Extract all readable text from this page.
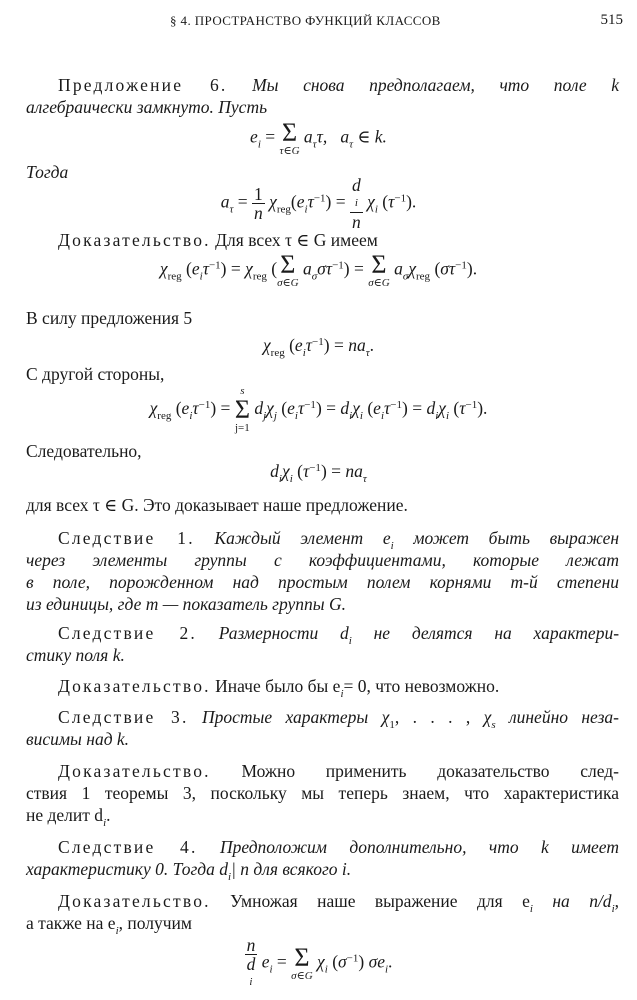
§ 4. ПРОСТРАНСТВО ФУНКЦИЙ КЛАССОВ	515
Предложение 6. Мы снова предполагаем, что поле k
алгебраически замкнуто. Пусть
$e_i = \Sigma$
τ∈G
$a_\tau\tau$,   $a_\tau$ ∈ k.
Тогда
$a_\tau = \frac{1}{n} \chi_{reg}(e_i\tau^{-1}) = d$
i
n $\chi_i$ $(\tau^{-1})$.
Доказательство. Для всех τ ∈ G имеем
$\chi_{reg}$ $(e_i\tau^{-1}) = \chi_{reg}$ ( Σ
σ∈G
$a_\sigma\sigma\tau^{-1}) = \Sigma$
σ∈G
$a_\sigma\chi_{reg}$ $(\sigma\tau^{-1})$.
В силу предложения 5
$\chi_{reg}$ $(e_i\tau^{-1}) = na_\tau$.
С другой стороны,
$\chi_{reg}$ $(e_i\tau^{-1})$ =
s
Σ
j=1
$d_j\chi_j$ $(e_i\tau^{-1}) = d_i\chi_i$ $(e_i\tau^{-1}) = d_i\chi_i$ $(\tau^{-1})$.
Следовательно,
$d_i\chi_i$ $(\tau^{-1}) = na_\tau$
для всех τ ∈ G. Это доказывает наше предложение.
Следствие 1. Каждый элемент $e_i$ может быть выражен
через элементы группы с коэффициентами, которые лежат
в поле, порожденном над простым полем корнями m-й степени
из единицы, где m — показатель группы G.
Следствие 2. Размерности $d_i$ не делятся на характери-
стику поля k.
Доказательство. Иначе было бы $e_i= 0$, что невозможно.
Следствие 3. Простые характеры $\chi_1$, . . . , $\chi_s$ линейно неза-
висимы над k.
Доказательство. Можно применить доказательство след-
ствия 1 теоремы 3, поскольку мы теперь знаем, что характеристика
не делит $d_i$.
Следствие 4. Предположим дополнительно, что k имеет
характеристику 0. Тогда $d_i|$ n для всякого i.
Доказательство. Умножая наше выражение для $e_i$ на $n/d_i$,
а также на $e_i$, получим
n
d
i $e_i = \Sigma$
σ∈G
$\chi_i$ $(\sigma^{-1})$ $\sigma e_i$.
